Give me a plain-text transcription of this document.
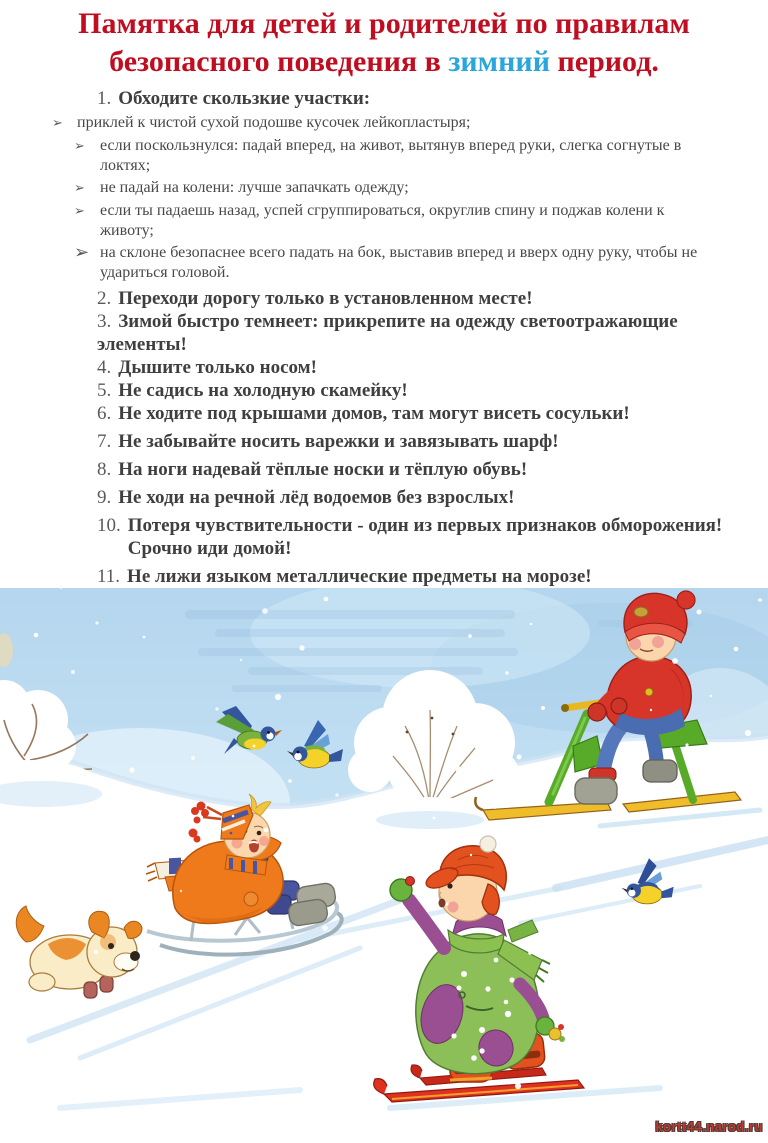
Памятка для детей и родителей по правилам
безопасного поведения в зимний период.
1. Обходите скользкие участки:
➢ приклей к чистой сухой подошве кусочек лейкопластыря;
➢ если поскользнулся: падай вперед, на живот, вытянув вперед руки, слегка согнутые в локтях;
➢ не падай на колени: лучше запачкать одежду;
➢ если ты падаешь назад, успей сгруппироваться, округлив спину и поджав колени к животу;
➢ на склоне безопаснее всего падать на бок, выставив вперед и вверх одну руку, чтобы не удариться головой.
2. Переходи дорогу только в установленном месте!
3. Зимой быстро темнеет: прикрепите на одежду светоотражающие
элементы!
4. Дышите только носом!
5. Не садись на холодную скамейку!
6. Не ходите под крышами домов, там могут висеть сосульки!
7. Не забывайте носить варежки и завязывать шарф!
8. На ноги надевай тёплые носки и тёплую обувь!
9. Не ходи на речной лёд водоемов без взрослых!
10. Потеря чувствительности - один из первых признаков обморожения!
Срочно иди домой!
11. Не лижи языком металлические предметы на морозе!
kortt44.narod.ru
